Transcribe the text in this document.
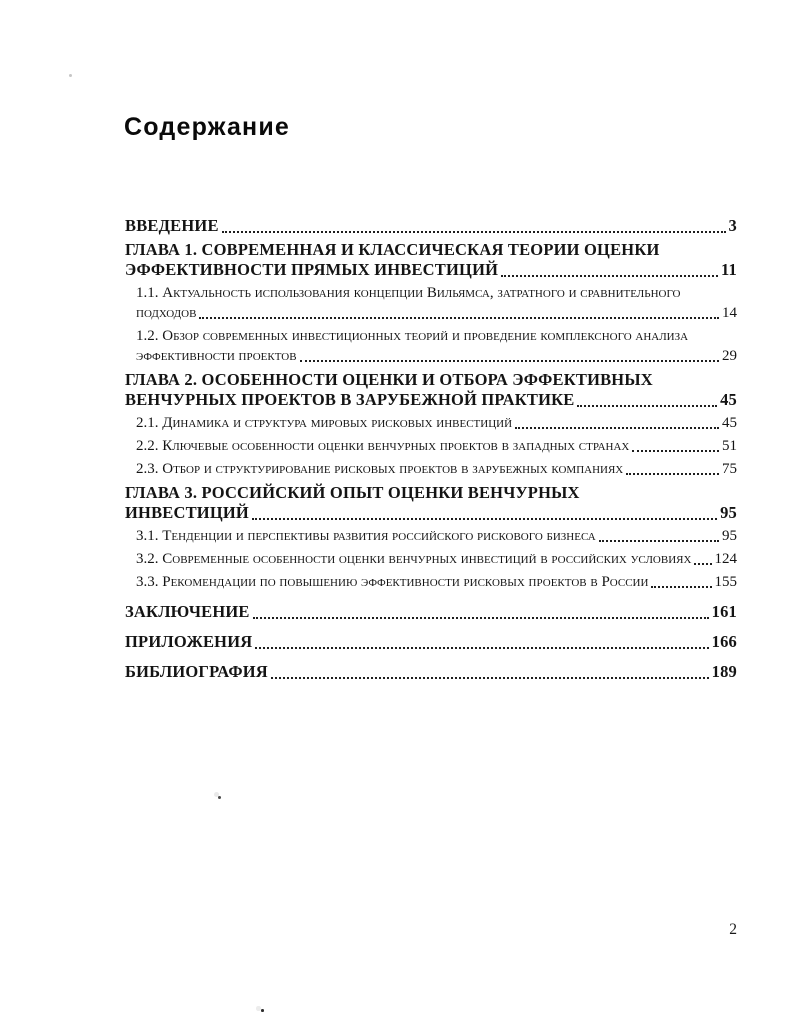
Содержание
ВВЕДЕНИЕ	3
ГЛАВА 1. СОВРЕМЕННАЯ И КЛАССИЧЕСКАЯ ТЕОРИИ ОЦЕНКИ ЭФФЕКТИВНОСТИ ПРЯМЫХ ИНВЕСТИЦИЙ	11
1.1. Актуальность использования концепции Вильямса, затратного и сравнительного подходов	14
1.2. Обзор современных инвестиционных теорий и проведение комплексного анализа эффективности проектов	29
ГЛАВА 2. ОСОБЕННОСТИ ОЦЕНКИ И ОТБОРА ЭФФЕКТИВНЫХ ВЕНЧУРНЫХ ПРОЕКТОВ В ЗАРУБЕЖНОЙ ПРАКТИКЕ	45
2.1. Динамика и структура мировых рисковых инвестиций	45
2.2. Ключевые особенности оценки венчурных проектов в западных странах	51
2.3. Отбор и структурирование рисковых проектов в зарубежных компаниях	75
ГЛАВА 3. РОССИЙСКИЙ ОПЫТ ОЦЕНКИ ВЕНЧУРНЫХ ИНВЕСТИЦИЙ	95
3.1. Тенденции и перспективы развития российского рискового бизнеса	95
3.2. Современные особенности оценки венчурных инвестиций в российских условиях 124
3.3. Рекомендации по повышению эффективности рисковых проектов в России	155
ЗАКЛЮЧЕНИЕ	161
ПРИЛОЖЕНИЯ	166
БИБЛИОГРАФИЯ	189
2
